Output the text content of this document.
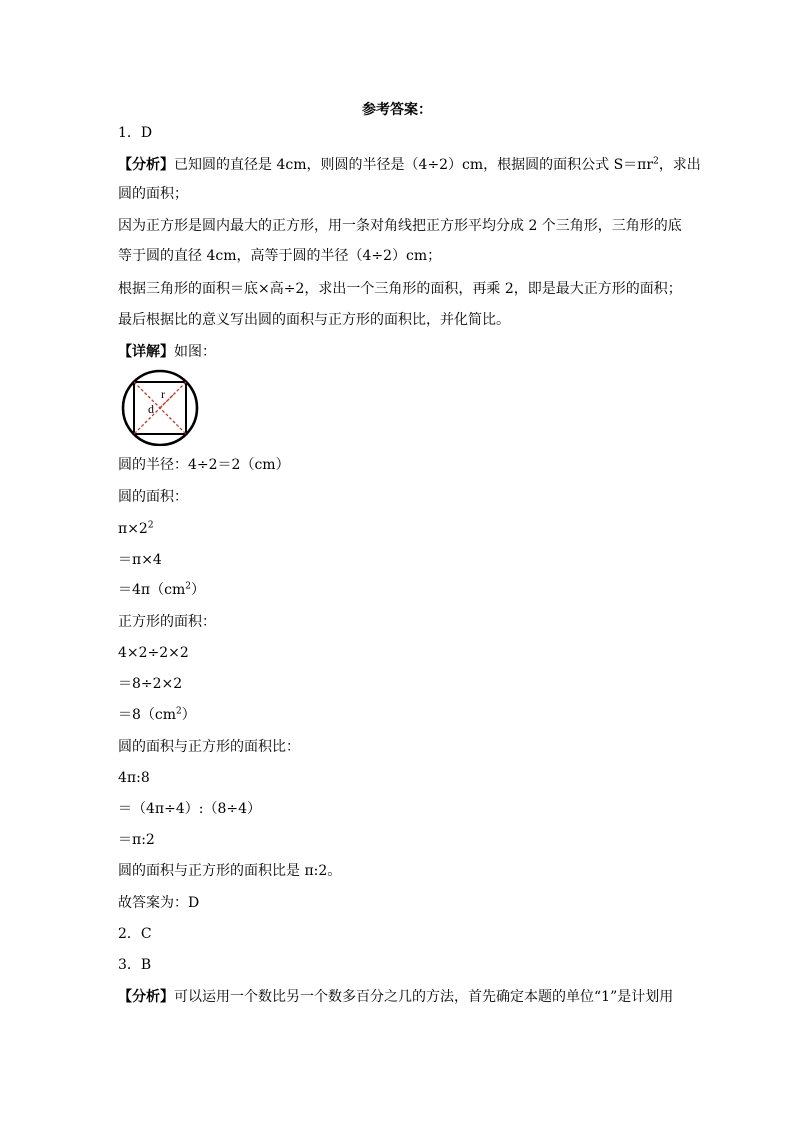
参考答案：
1．D
【分析】已知圆的直径是 4cm，则圆的半径是（4÷2）cm，根据圆的面积公式 $S=\pi r^2$，求出
圆的面积；
因为正方形是圆内最大的正方形，用一条对角线把正方形平均分成 2 个三角形，三角形的底
等于圆的直径 4cm，高等于圆的半径（4÷2）cm；
根据三角形的面积＝底×高÷2，求出一个三角形的面积，再乘 2，即是最大正方形的面积；
最后根据比的意义写出圆的面积与正方形的面积比，并化简比。
【详解】如图：
r
d
圆的半径：4÷2＝2（cm）
圆的面积：
$\pi\times 2^2$
＝π×4
$=4\pi(cm^2)$
正方形的面积：
4×2÷2×2
＝8÷2×2
$=8(cm^2)$
圆的面积与正方形的面积比：
4π:8
＝（4π÷4）:（8÷4）
＝π:2
圆的面积与正方形的面积比是 π:2。
故答案为：D
2．C
3．B
【分析】可以运用一个数比另一个数多百分之几的方法，首先确定本题的单位“1”是计划用
